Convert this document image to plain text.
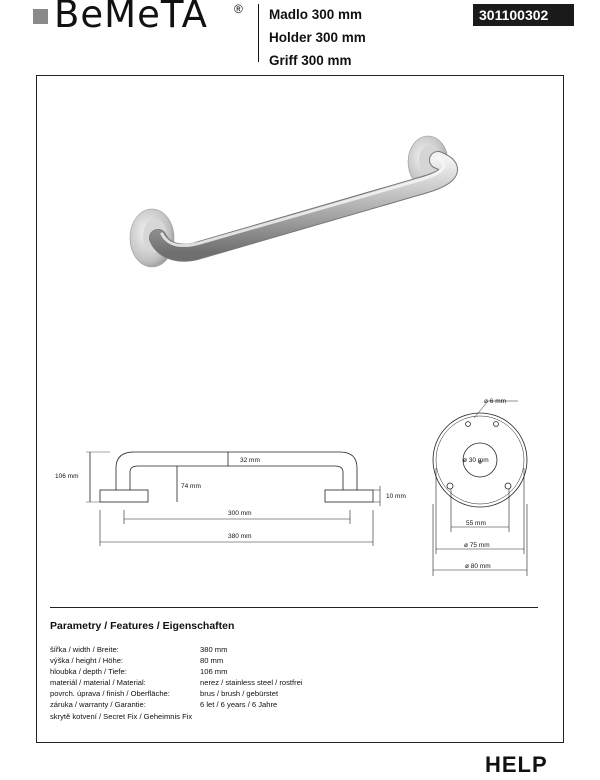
BeMeTA ® Madlo 300 mm
Holder 300 mm
Griff 300 mm
301100302
106 mm
74 mm
32 mm
10 mm
300 mm
380 mm
ø 6 mm
ø 30 mm
55 mm
ø 75 mm
ø 80 mm
Parametry / Features / Eigenschaften
šířka / width / Breite:	380 mm
výška / height / Höhe:	80 mm
hloubka / depth / Tiefe:	106 mm
materiál / material / Material:	nerez / stainless steel / rostfrei
povrch. úprava / finish / Oberfläche:	brus / brush / gebürstet
záruka / warranty / Garantie:	6 let / 6 years / 6 Jahre
skrytě kotvení / Secret Fix / Geheimnis Fix
HELP
